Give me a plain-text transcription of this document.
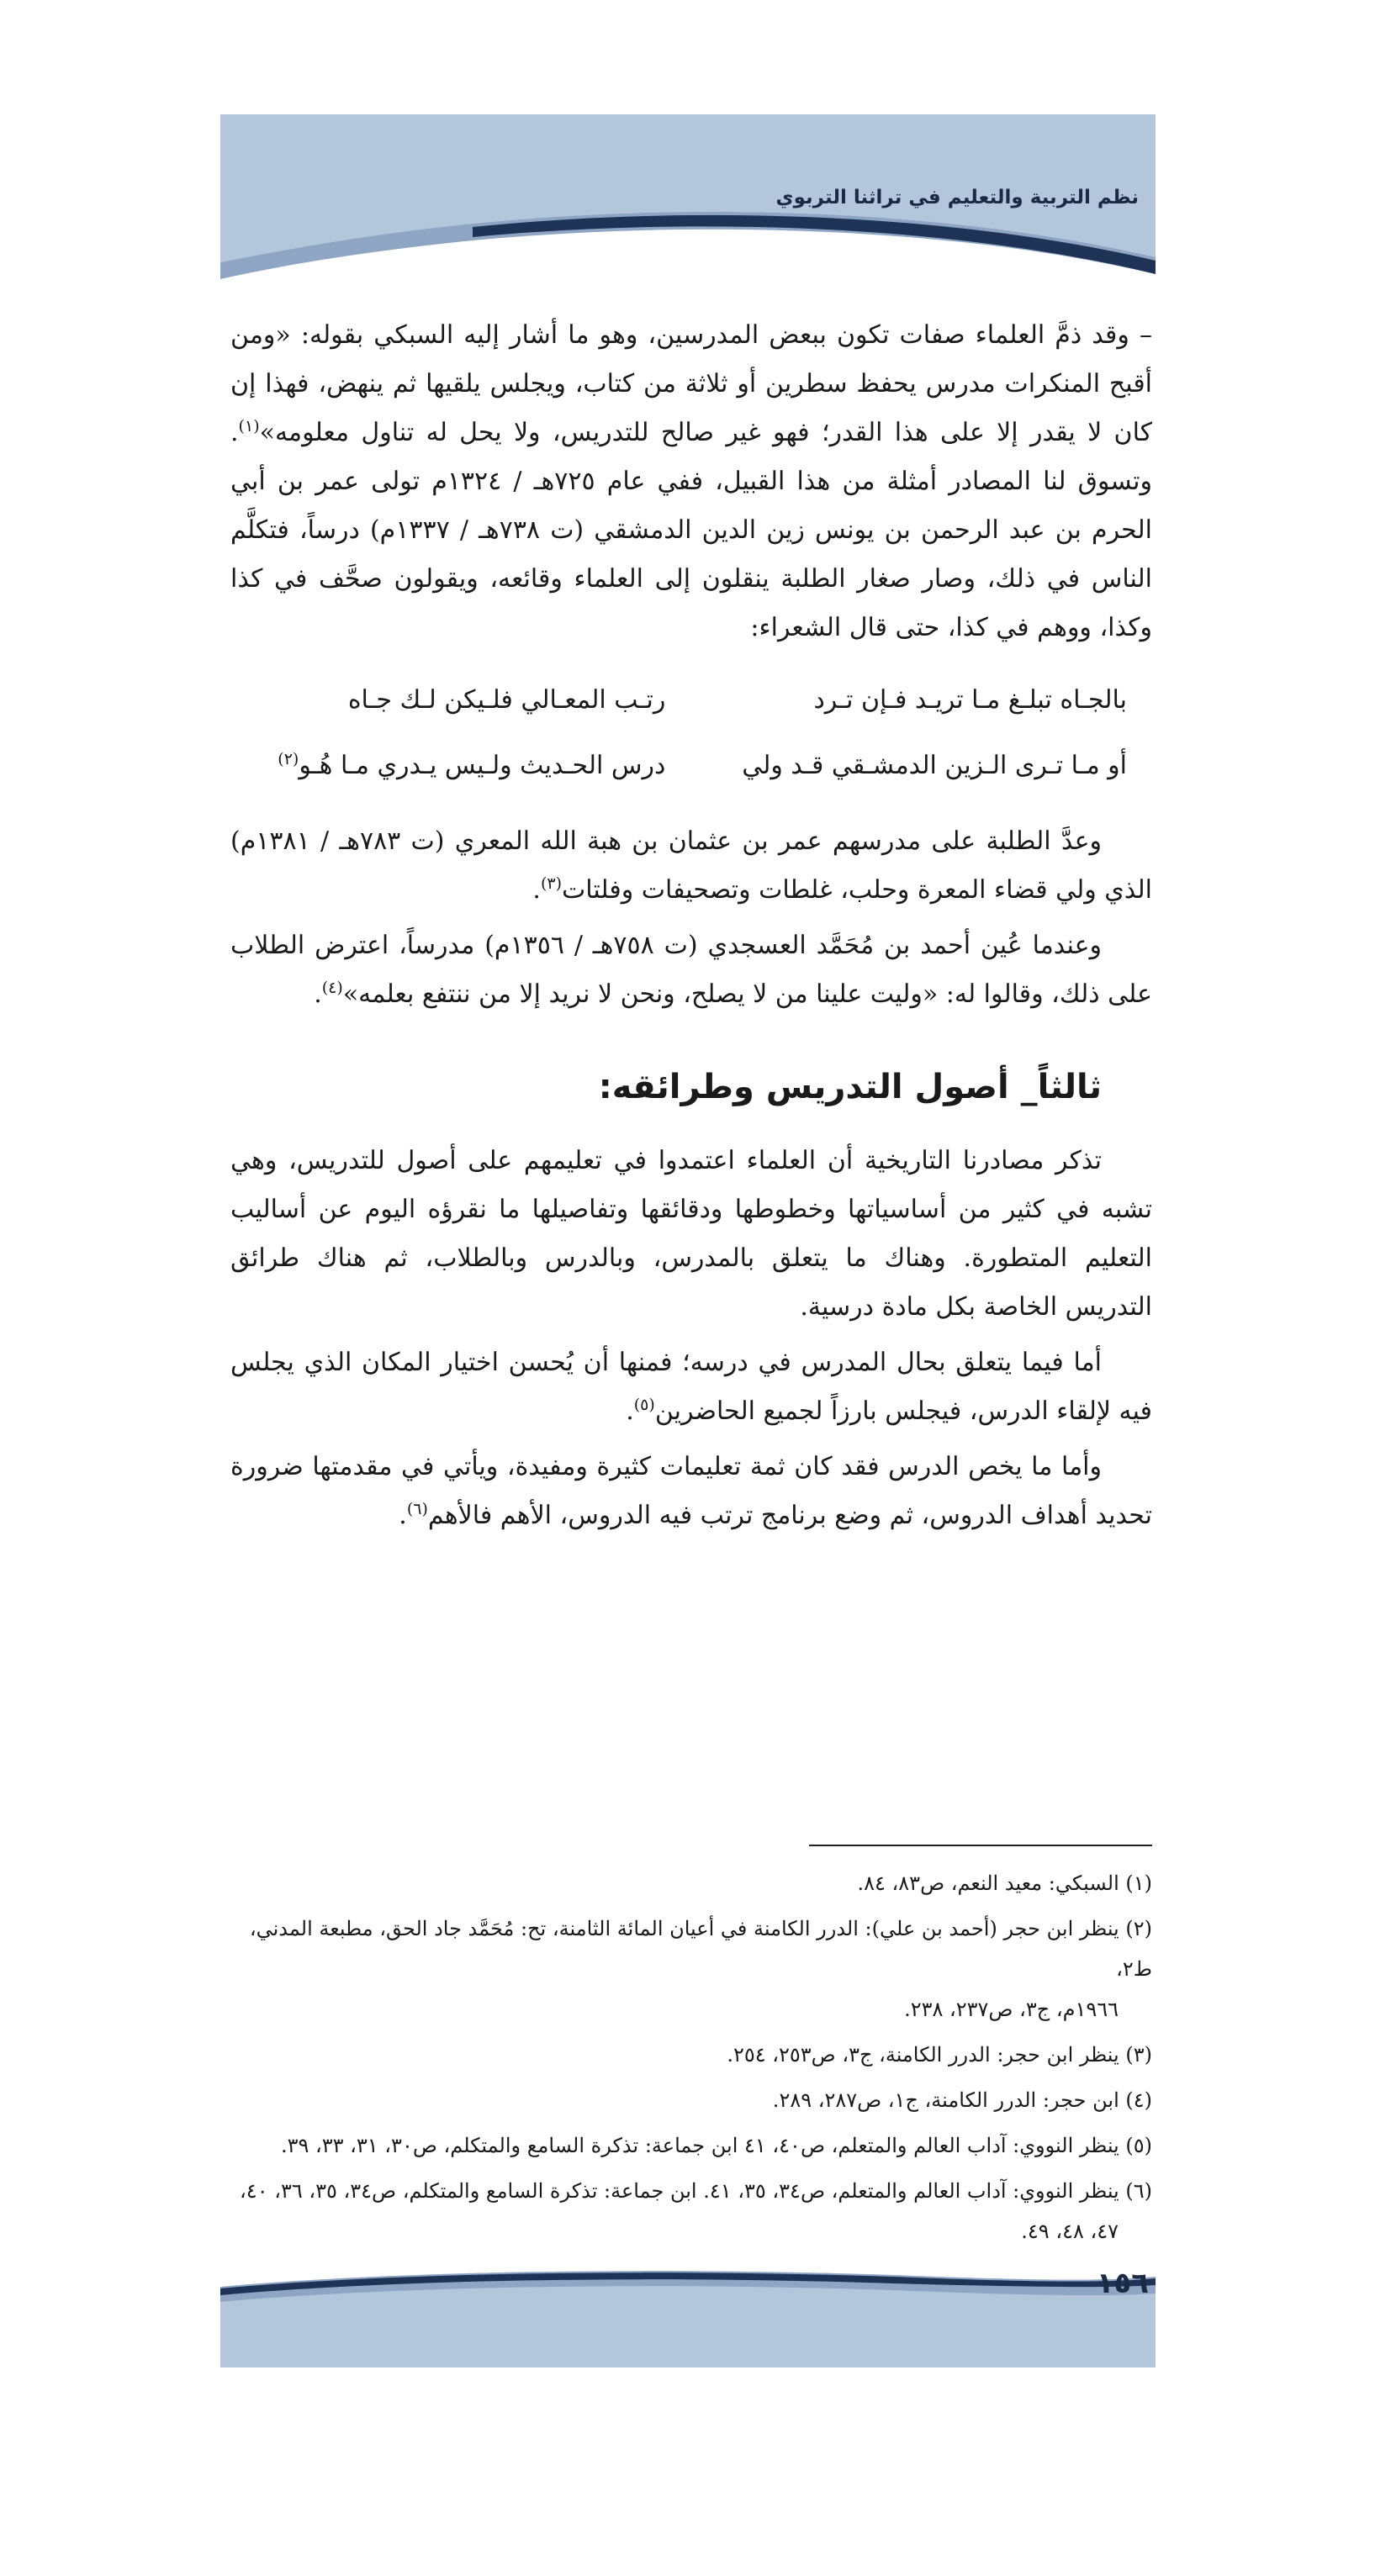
نظم التربية والتعليم في تراثنا التربوي

– وقد ذمَّ العلماء صفات تكون ببعض المدرسين، وهو ما أشار إليه السبكي بقوله: «ومن أقبح المنكرات مدرس يحفظ سطرين أو ثلاثة من كتاب، ويجلس يلقيها ثم ينهض، فهذا إن كان لا يقدر إلا على هذا القدر؛ فهو غير صالح للتدريس، ولا يحل له تناول معلومه»$^{(١)}$. وتسوق لنا المصادر أمثلة من هذا القبيل، ففي عام ٧٢٥هـ / ١٣٢٤م تولى عمر بن أبي الحرم بن عبد الرحمن بن يونس زين الدين الدمشقي (ت ٧٣٨هـ / ١٣٣٧م) درساً، فتكلَّم الناس في ذلك، وصار صغار الطلبة ينقلون إلى العلماء وقائعه، ويقولون صحَّف في كذا وكذا، ووهم في كذا، حتى قال الشعراء:

بالجـاه تبلـغ مـا تريـد فـإن تـرد
رتـب المعـالي فلـيكن لـك جـاه
أو مـا تـرى الـزين الدمشـقي قـد ولي
درس الحـديث ولـيس يـدري مـا هُـو$^{(٢)}$

وعدَّ الطلبة على مدرسهم عمر بن عثمان بن هبة الله المعري (ت ٧٨٣هـ / ١٣٨١م) الذي ولي قضاء المعرة وحلب، غلطات وتصحيفات وفلتات$^{(٣)}$.

وعندما عُين أحمد بن مُحَمَّد العسجدي (ت ٧٥٨هـ / ١٣٥٦م) مدرساً، اعترض الطلاب على ذلك، وقالوا له: «وليت علينا من لا يصلح، ونحن لا نريد إلا من ننتفع بعلمه»$^{(٤)}$.

ثالثاً_ أصول التدريس وطرائقه:

تذكر مصادرنا التاريخية أن العلماء اعتمدوا في تعليمهم على أصول للتدريس، وهي تشبه في كثير من أساسياتها وخطوطها ودقائقها وتفاصيلها ما نقرؤه اليوم عن أساليب التعليم المتطورة. وهناك ما يتعلق بالمدرس، وبالدرس وبالطلاب، ثم هناك طرائق التدريس الخاصة بكل مادة درسية.

أما فيما يتعلق بحال المدرس في درسه؛ فمنها أن يُحسن اختيار المكان الذي يجلس فيه لإلقاء الدرس، فيجلس بارزاً لجميع الحاضرين$^{(٥)}$.

وأما ما يخص الدرس فقد كان ثمة تعليمات كثيرة ومفيدة، ويأتي في مقدمتها ضرورة تحديد أهداف الدروس، ثم وضع برنامج ترتب فيه الدروس، الأهم فالأهم$^{(٦)}$.

(١) السبكي: معيد النعم، ص٨٣، ٨٤.
(٢) ينظر ابن حجر (أحمد بن علي): الدرر الكامنة في أعيان المائة الثامنة، تح: مُحَمَّد جاد الحق، مطبعة المدني، ط٢،
١٩٦٦م، ج٣، ص٢٣٧، ٢٣٨.
(٣) ينظر ابن حجر: الدرر الكامنة، ج٣، ص٢٥٣، ٢٥٤.
(٤) ابن حجر: الدرر الكامنة، ج١، ص٢٨٧، ٢٨٩.
(٥) ينظر النووي: آداب العالم والمتعلم، ص٤٠، ٤١ ابن جماعة: تذكرة السامع والمتكلم، ص٣٠، ٣١، ٣٣، ٣٩.
(٦) ينظر النووي: آداب العالم والمتعلم، ص٣٤، ٣٥، ٤١. ابن جماعة: تذكرة السامع والمتكلم، ص٣٤، ٣٥، ٣٦، ٤٠،
٤٧، ٤٨، ٤٩.
١٥٦
